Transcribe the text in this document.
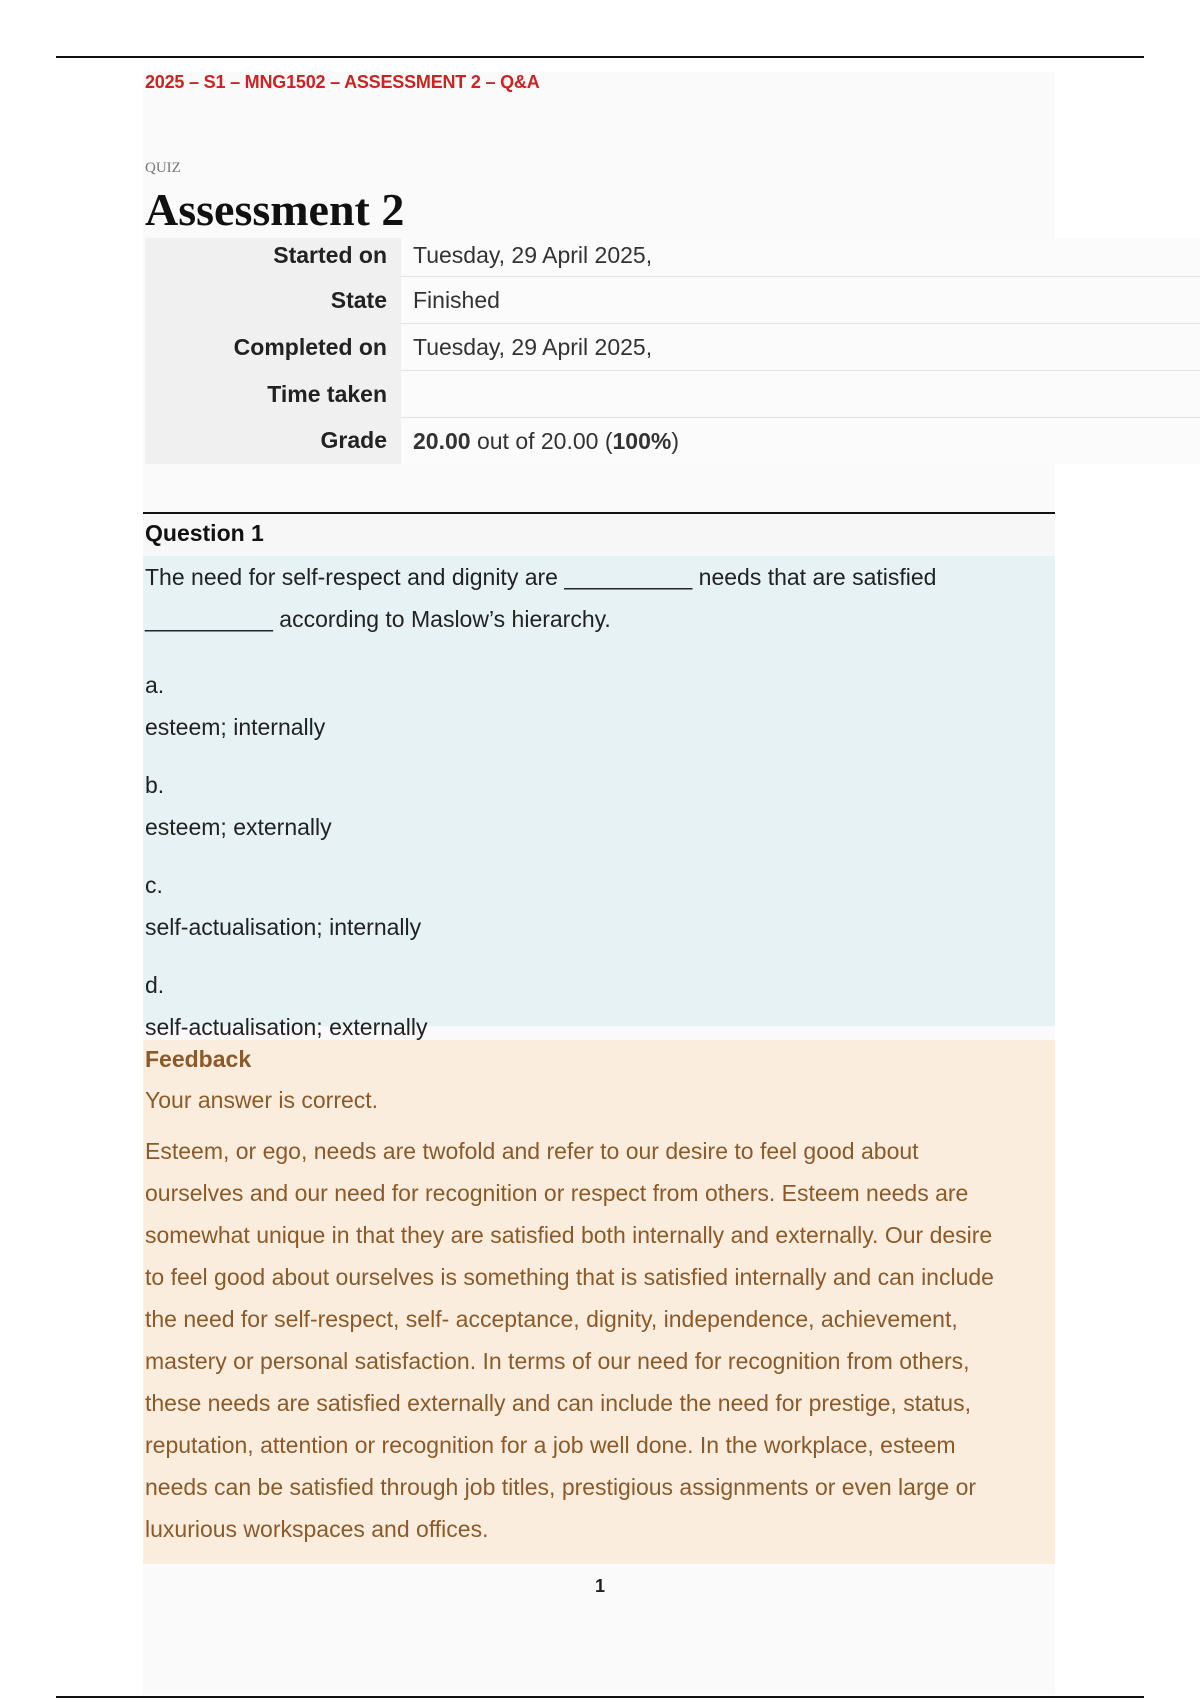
2025 – S1 – MNG1502 – ASSESSMENT 2 – Q&A
QUIZ
Assessment 2
Started on	Tuesday, 29 April 2025,
State	Finished
Completed on	Tuesday, 29 April 2025,
Time taken	
Grade	20.00 out of 20.00 (100%)
Question 1

The need for self-respect and dignity are __________ needs that are satisfied
__________ according to Maslow’s hierarchy.

a.
esteem; internally
b.
esteem; externally
c.
self-actualisation; internally
d.
self-actualisation; externally
Feedback
Your answer is correct.
Esteem, or ego, needs are twofold and refer to our desire to feel good about
ourselves and our need for recognition or respect from others. Esteem needs are
somewhat unique in that they are satisfied both internally and externally. Our desire
to feel good about ourselves is something that is satisfied internally and can include
the need for self-respect, self- acceptance, dignity, independence, achievement,
mastery or personal satisfaction. In terms of our need for recognition from others,
these needs are satisfied externally and can include the need for prestige, status,
reputation, attention or recognition for a job well done. In the workplace, esteem
needs can be satisfied through job titles, prestigious assignments or even large or
luxurious workspaces and offices.
1
